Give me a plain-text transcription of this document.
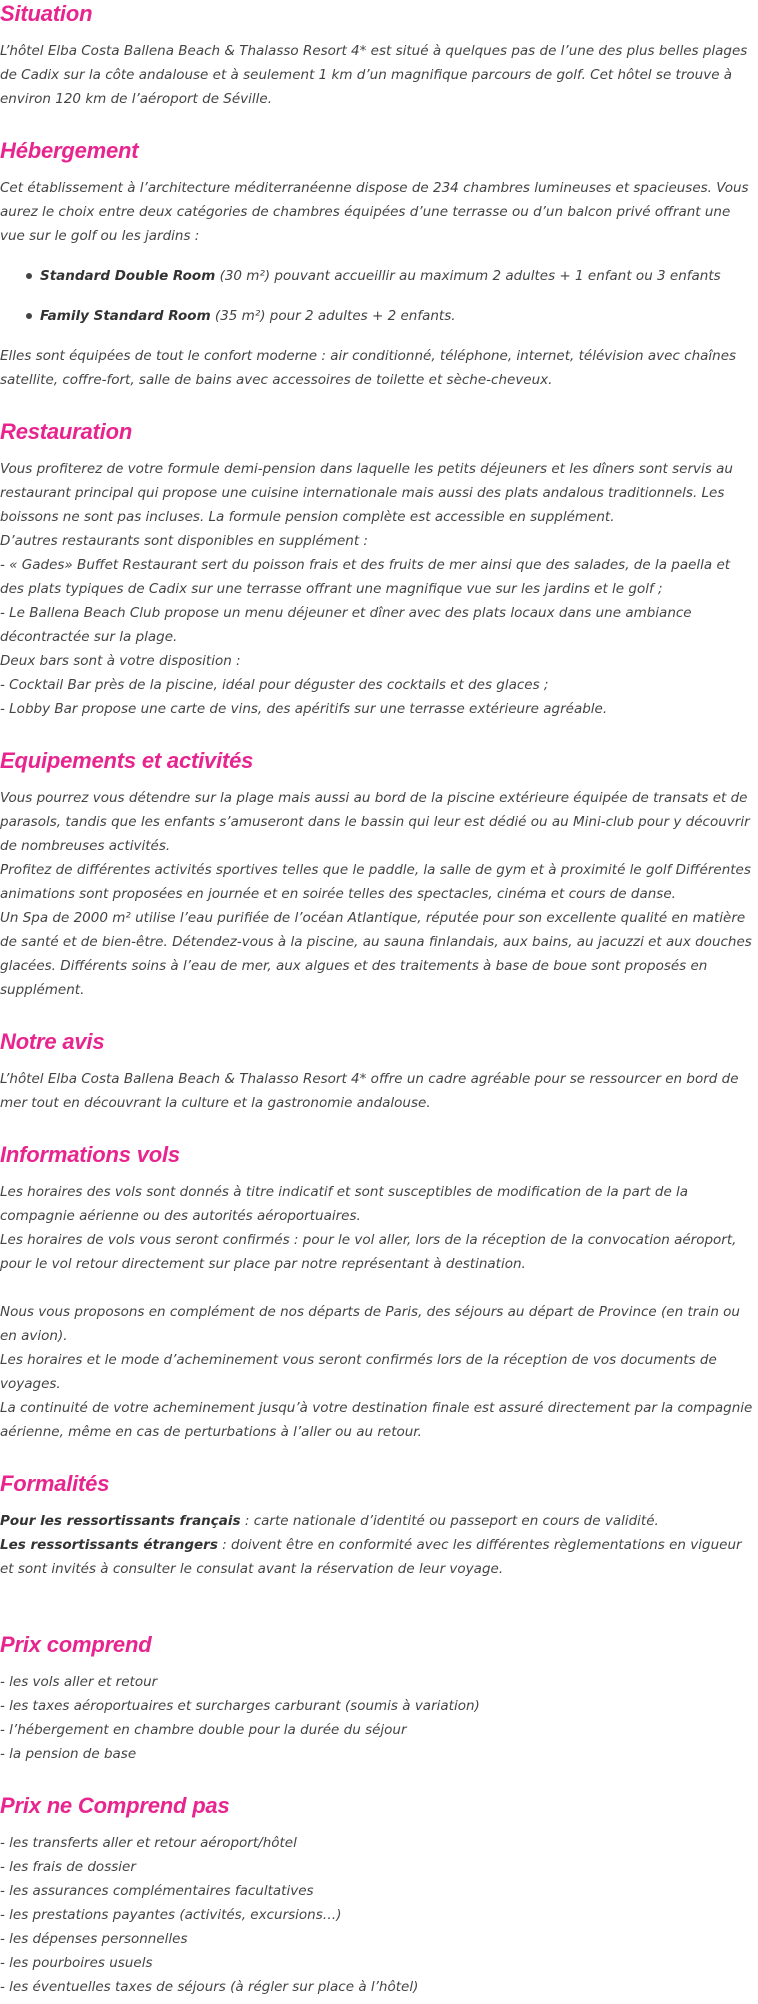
Situation

L’hôtel Elba Costa Ballena Beach & Thalasso Resort 4* est situé à quelques pas de l’une des plus belles plages de Cadix sur la côte andalouse et à seulement 1 km d’un magnifique parcours de golf. Cet hôtel se trouve à environ 120 km de l’aéroport de Séville.

Hébergement

Cet établissement à l’architecture méditerranéenne dispose de 234 chambres lumineuses et spacieuses. Vous aurez le choix entre deux catégories de chambres équipées d’une terrasse ou d’un balcon privé offrant une vue sur le golf ou les jardins :

Standard Double Room (30 m²) pouvant accueillir au maximum 2 adultes + 1 enfant ou 3 enfants
Family Standard Room (35 m²) pour 2 adultes + 2 enfants.

Elles sont équipées de tout le confort moderne : air conditionné, téléphone, internet, télévision avec chaînes satellite, coffre-fort, salle de bains avec accessoires de toilette et sèche-cheveux.

Restauration
Vous profiterez de votre formule demi-pension dans laquelle les petits déjeuners et les dîners sont servis au restaurant principal qui propose une cuisine internationale mais aussi des plats andalous traditionnels. Les boissons ne sont pas incluses. La formule pension complète est accessible en supplément.
D’autres restaurants sont disponibles en supplément :
- « Gades» Buffet Restaurant sert du poisson frais et des fruits de mer ainsi que des salades, de la paella et des plats typiques de Cadix sur une terrasse offrant une magnifique vue sur les jardins et le golf ;
- Le Ballena Beach Club propose un menu déjeuner et dîner avec des plats locaux dans une ambiance décontractée sur la plage.
Deux bars sont à votre disposition :
- Cocktail Bar près de la piscine, idéal pour déguster des cocktails et des glaces ;
- Lobby Bar propose une carte de vins, des apéritifs sur une terrasse extérieure agréable.
Equipements et activités
Vous pourrez vous détendre sur la plage mais aussi au bord de la piscine extérieure équipée de transats et de parasols, tandis que les enfants s’amuseront dans le bassin qui leur est dédié ou au Mini-club pour y découvrir de nombreuses activités.
Profitez de différentes activités sportives telles que le paddle, la salle de gym et à proximité le golf Différentes animations sont proposées en journée et en soirée telles des spectacles, cinéma et cours de danse.
Un Spa de 2000 m² utilise l’eau purifiée de l’océan Atlantique, réputée pour son excellente qualité en matière de santé et de bien-être. Détendez-vous à la piscine, au sauna finlandais, aux bains, au jacuzzi et aux douches glacées. Différents soins à l’eau de mer, aux algues et des traitements à base de boue sont proposés en supplément.
Notre avis

L’hôtel Elba Costa Ballena Beach & Thalasso Resort 4* offre un cadre agréable pour se ressourcer en bord de mer tout en découvrant la culture et la gastronomie andalouse.

Informations vols
Les horaires des vols sont donnés à titre indicatif et sont susceptibles de modification de la part de la compagnie aérienne ou des autorités aéroportuaires.
Les horaires de vols vous seront confirmés : pour le vol aller, lors de la réception de la convocation aéroport, pour le vol retour directement sur place par notre représentant à destination.
Nous vous proposons en complément de nos départs de Paris, des séjours au départ de Province (en train ou en avion).
Les horaires et le mode d’acheminement vous seront confirmés lors de la réception de vos documents de voyages.
La continuité de votre acheminement jusqu’à votre destination finale est assuré directement par la compagnie aérienne, même en cas de perturbations à l’aller ou au retour.
Formalités
Pour les ressortissants français : carte nationale d’identité ou passeport en cours de validité.
Les ressortissants étrangers : doivent être en conformité avec les différentes règlementations en vigueur et sont invités à consulter le consulat avant la réservation de leur voyage.
Prix comprend
- les vols aller et retour
- les taxes aéroportuaires et surcharges carburant (soumis à variation)
- l’hébergement en chambre double pour la durée du séjour
- la pension de base
Prix ne Comprend pas
- les transferts aller et retour aéroport/hôtel
- les frais de dossier
- les assurances complémentaires facultatives
- les prestations payantes (activités, excursions…)
- les dépenses personnelles
- les pourboires usuels
- les éventuelles taxes de séjours (à régler sur place à l’hôtel)
